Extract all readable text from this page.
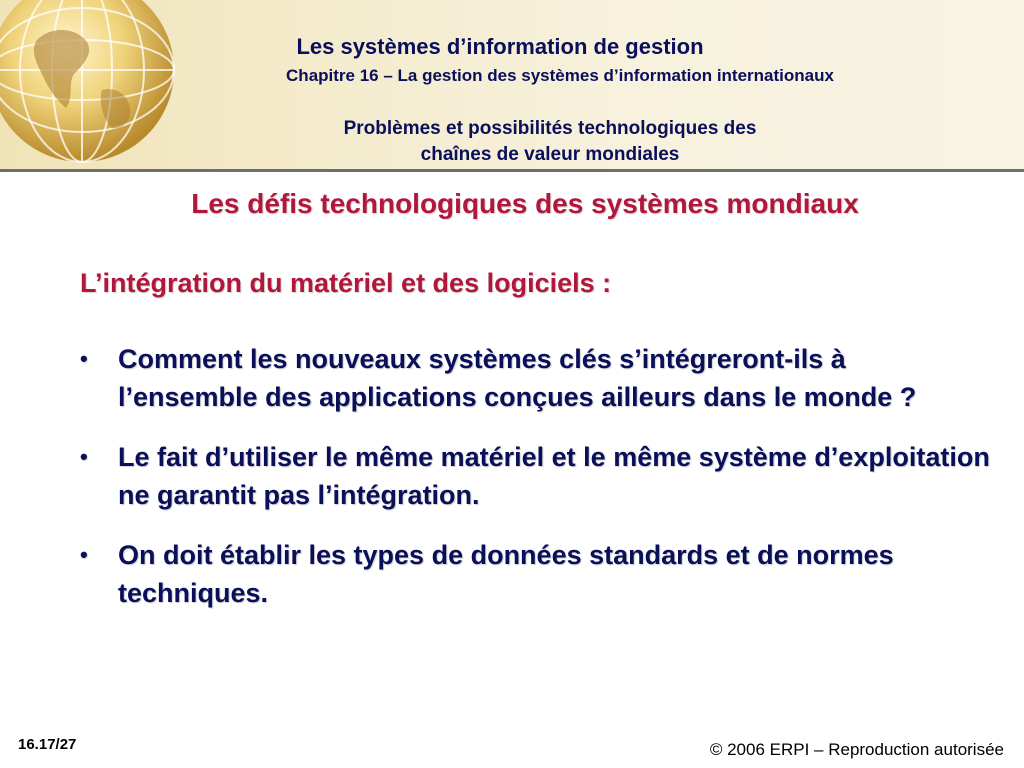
Les systèmes d’information de gestion
Chapitre 16 – La gestion des systèmes d’information internationaux
Problèmes et possibilités technologiques des
chaînes de valeur mondiales
Les défis technologiques des systèmes mondiaux
L’intégration du matériel et des logiciels :
• Comment les nouveaux systèmes clés s’intégreront-ils à l’ensemble des applications conçues ailleurs dans le monde ?
• Le fait d’utiliser le même matériel et le même système d’exploitation ne garantit pas l’intégration.
• On doit établir les types de données standards et de normes techniques.
16.17/27	© 2006 ERPI – Reproduction autorisée
